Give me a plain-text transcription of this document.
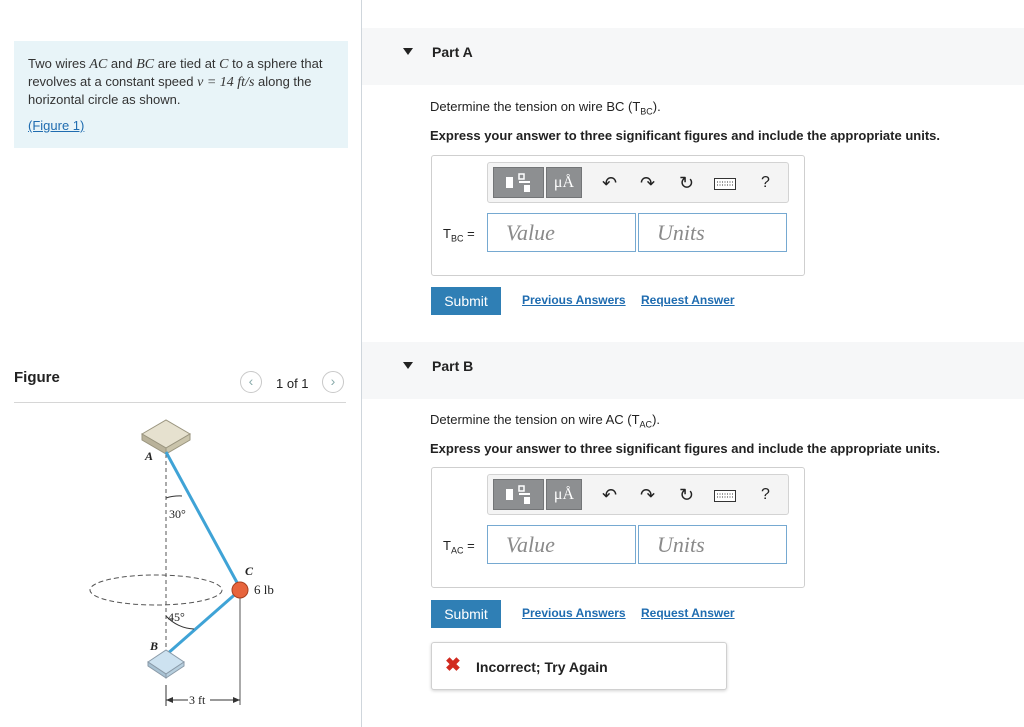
Two wires AC and BC are tied at C to a sphere that revolves at a constant speed v = 14 ft/s along the horizontal circle as shown.
(Figure 1)
Figure	‹	1 of 1	›
A
B
C
30°
45°
6 lb
3 ft
Part A
Determine the tension on wire BC $(T_{BC})$.
Express your answer to three significant figures and include the appropriate units.
μÅ	↶ ↷ ↻	?
$T_{BC}$ = Value	Units
Submit	Previous Answers Request Answer
Part B
Determine the tension on wire AC $(T_{AC})$.
Express your answer to three significant figures and include the appropriate units.
μÅ	↶ ↷ ↻	?
$T_{AC}$ = Value	Units
Submit	Previous Answers Request Answer
✖ Incorrect; Try Again
